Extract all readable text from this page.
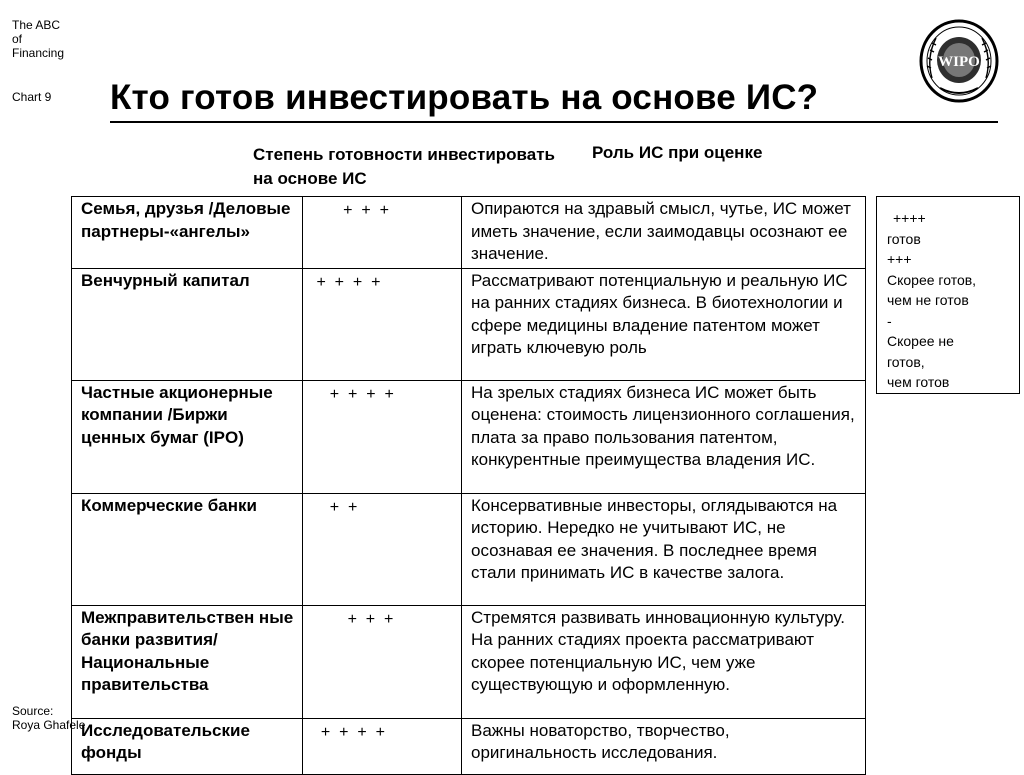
The ABC
of
Financing
Chart 9 Кто готов инвестировать на основе ИС?
WIPO
Степень готовности инвестировать на основе ИС
Роль ИС при оценке
Семья, друзья /Деловые партнеры-«ангелы»	+  +  +	Опираются на здравый смысл, чутье, ИС может иметь значение, если заимодавцы осознают ее значение.
Венчурный капитал	+  +  +  +	Рассматривают потенциальную и реальную ИС на ранних стадиях бизнеса. В биотехнологии и сфере медицины владение патентом может играть ключевую роль
Частные акционерные компании /Биржи ценных бумаг (IPO)	+  +  +  +	На зрелых стадиях бизнеса ИС может быть оценена: стоимость лицензионного соглашения, плата за право пользования патентом, конкурентные преимущества владения ИС.
Коммерческие банки	+  +	Консервативные инвесторы, оглядываются на историю. Нередко не учитывают ИС, не осознавая ее значения. В последнее время стали принимать ИС в качестве залога.
Межправительствен ные банки развития/ Национальные правительства	+  +  +	Стремятся развивать инновационную культуру. На ранних стадиях проекта рассматривают скорее потенциальную ИС, чем уже существующую и оформленную.
Исследовательские фонды	+  +  +  +	Важны новаторство, творчество, оригинальность исследования.
++++
готов
+++
Скорее готов,
чем не готов
-
Скорее не
готов,
чем готов
Source:
Roya Ghafele
